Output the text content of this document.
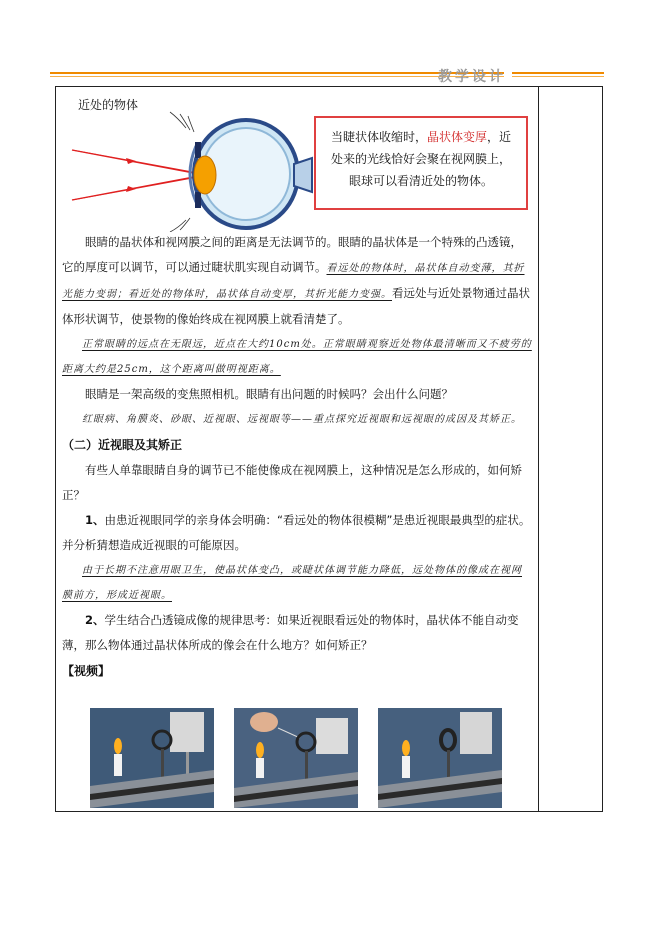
教学设计
近处的物体
当睫状体收缩时，晶状体变厚，近处来的光线恰好会聚在视网膜上，眼球可以看清近处的物体。
眼睛的晶状体和视网膜之间的距离是无法调节的。眼睛的晶状体是一个特殊的凸透镜，它的厚度可以调节，可以通过睫状肌实现自动调节。看远处的物体时，晶状体自动变薄，其折光能力变弱；看近处的物体时，晶状体自动变厚，其折光能力变强。看远处与近处景物通过晶状体形状调节，使景物的像始终成在视网膜上就看清楚了。
正常眼睛的远点在无限远，近点在大约10cm处。正常眼睛观察近处物体最清晰而又不疲劳的距离大约是25cm，这个距离叫做明视距离。
眼睛是一架高级的变焦照相机。眼睛有出问题的时候吗？会出什么问题？
红眼病、角膜炎、砂眼、近视眼、远视眼等——重点探究近视眼和远视眼的成因及其矫正。
（二）近视眼及其矫正
有些人单靠眼睛自身的调节已不能使像成在视网膜上，这种情况是怎么形成的，如何矫正？
1、由患近视眼同学的亲身体会明确：“看远处的物体很模糊”是患近视眼最典型的症状。并分析猜想造成近视眼的可能原因。
由于长期不注意用眼卫生，使晶状体变凸，或睫状体调节能力降低，远处物体的像成在视网膜前方，形成近视眼。
2、学生结合凸透镜成像的规律思考：如果近视眼看远处的物体时，晶状体不能自动变薄，那么物体通过晶状体所成的像会在什么地方？如何矫正？
【视频】
